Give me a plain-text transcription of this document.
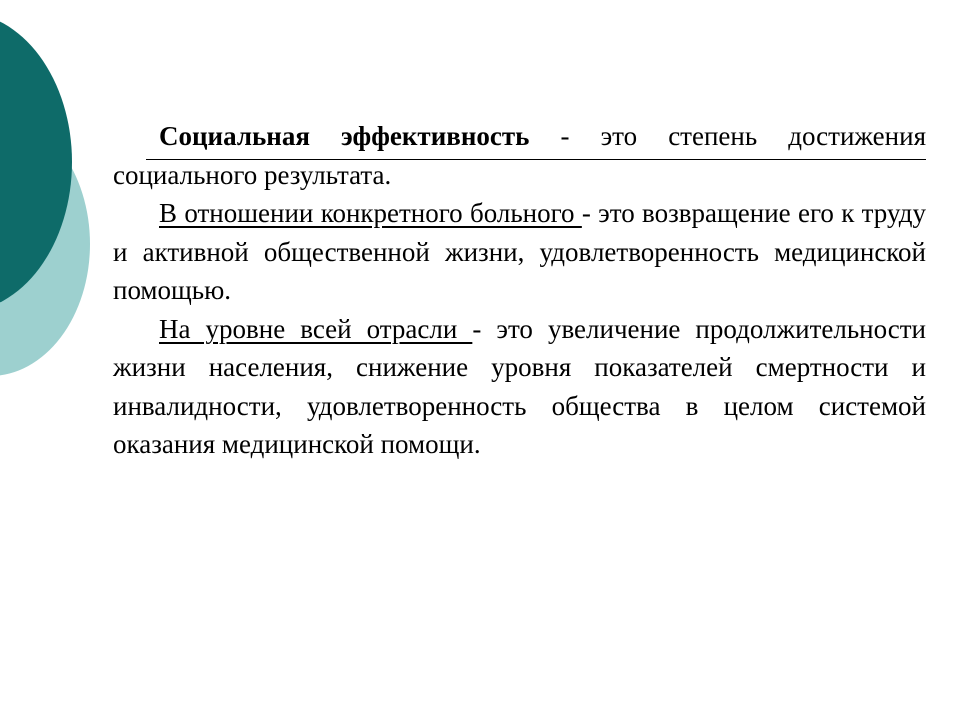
Социальная эффективность - это степень достижения социального результата.

В отношении конкретного больного - это возвращение его к труду и активной общественной жизни, удовлетворенность медицинской помощью.

На уровне всей отрасли - это увеличение продолжительности жизни населения, снижение уровня показателей смертности и инвалидности, удовлетворенность общества в целом системой оказания медицинской помощи.
